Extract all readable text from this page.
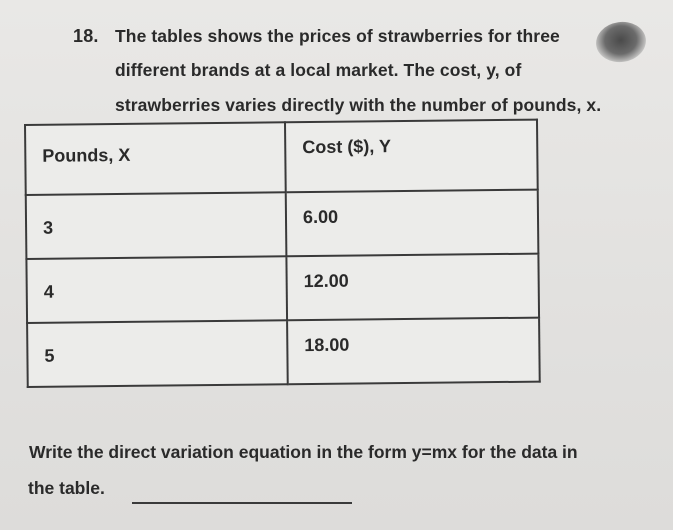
18. The tables shows the prices of strawberries for three
different brands at a local market. The cost, y, of
strawberries varies directly with the number of pounds, x.
Pounds, X	Cost ($), Y

3	6.00

4	12.00

5	18.00
Write the direct variation equation in the form y=mx for the data in
the table.
